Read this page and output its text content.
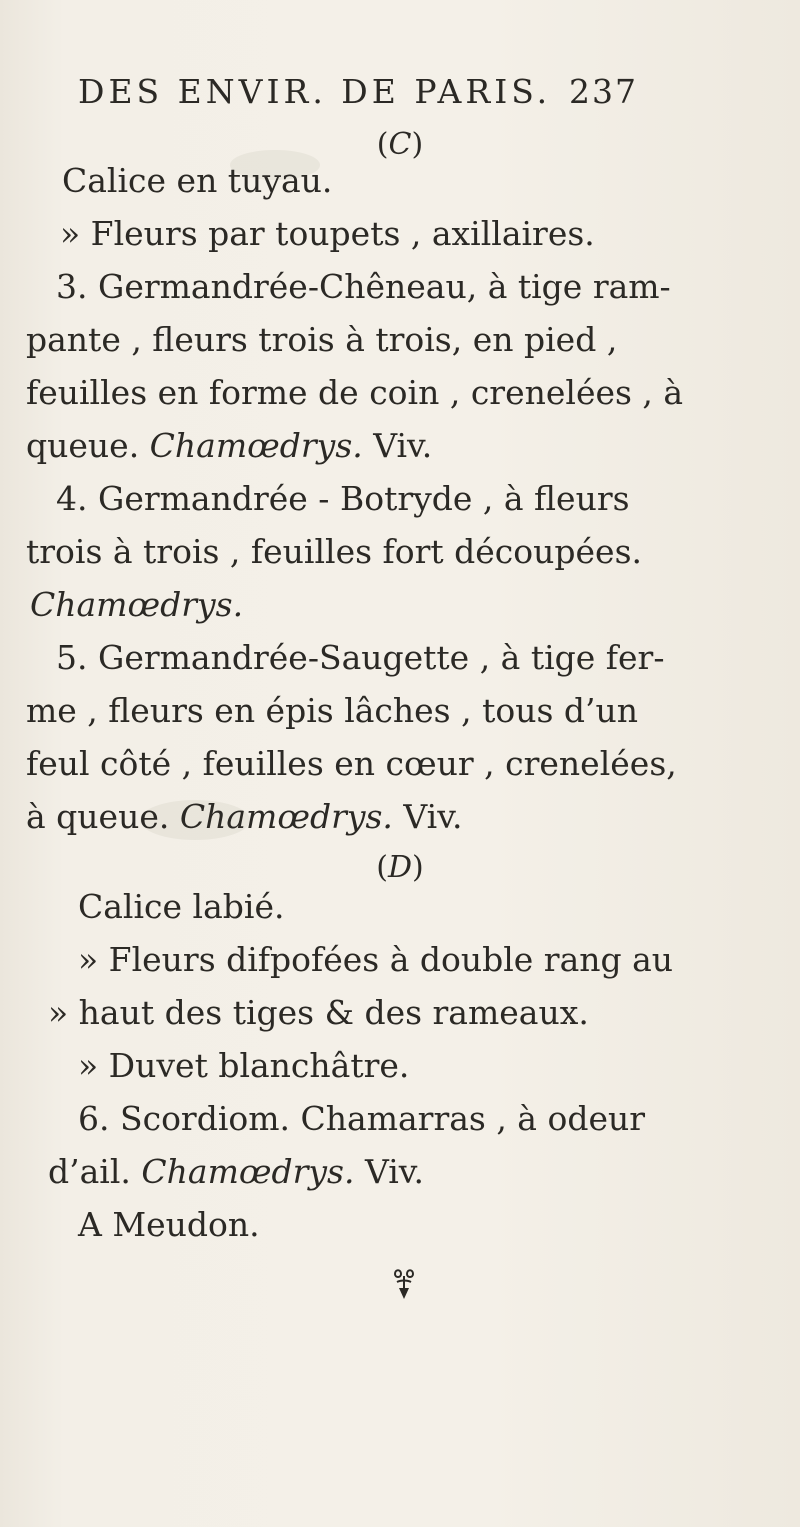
DES ENVIR. DE PARIS. 237
(C)
Calice en tuyau.
» Fleurs par toupets , axillaires.
3. Germandrée-Chêneau, à tige ram-
pante , fleurs trois à trois, en pied ,
feuilles en forme de coin , crenelées , à
queue. Chamœdrys. Viv.
4. Germandrée - Botryde , à fleurs
trois à trois , feuilles fort découpées.
Chamœdrys.
5. Germandrée-Saugette , à tige fer-
me , fleurs en épis lâches , tous d’un
feul côté , feuilles en cœur , crenelées,
à queue. Chamœdrys. Viv.
(D)
Calice labié.
» Fleurs difpofées à double rang au
» haut des tiges & des rameaux.
» Duvet blanchâtre.
6. Scordiom. Chamarras , à odeur
d’ail. Chamœdrys. Viv.
A Meudon.
